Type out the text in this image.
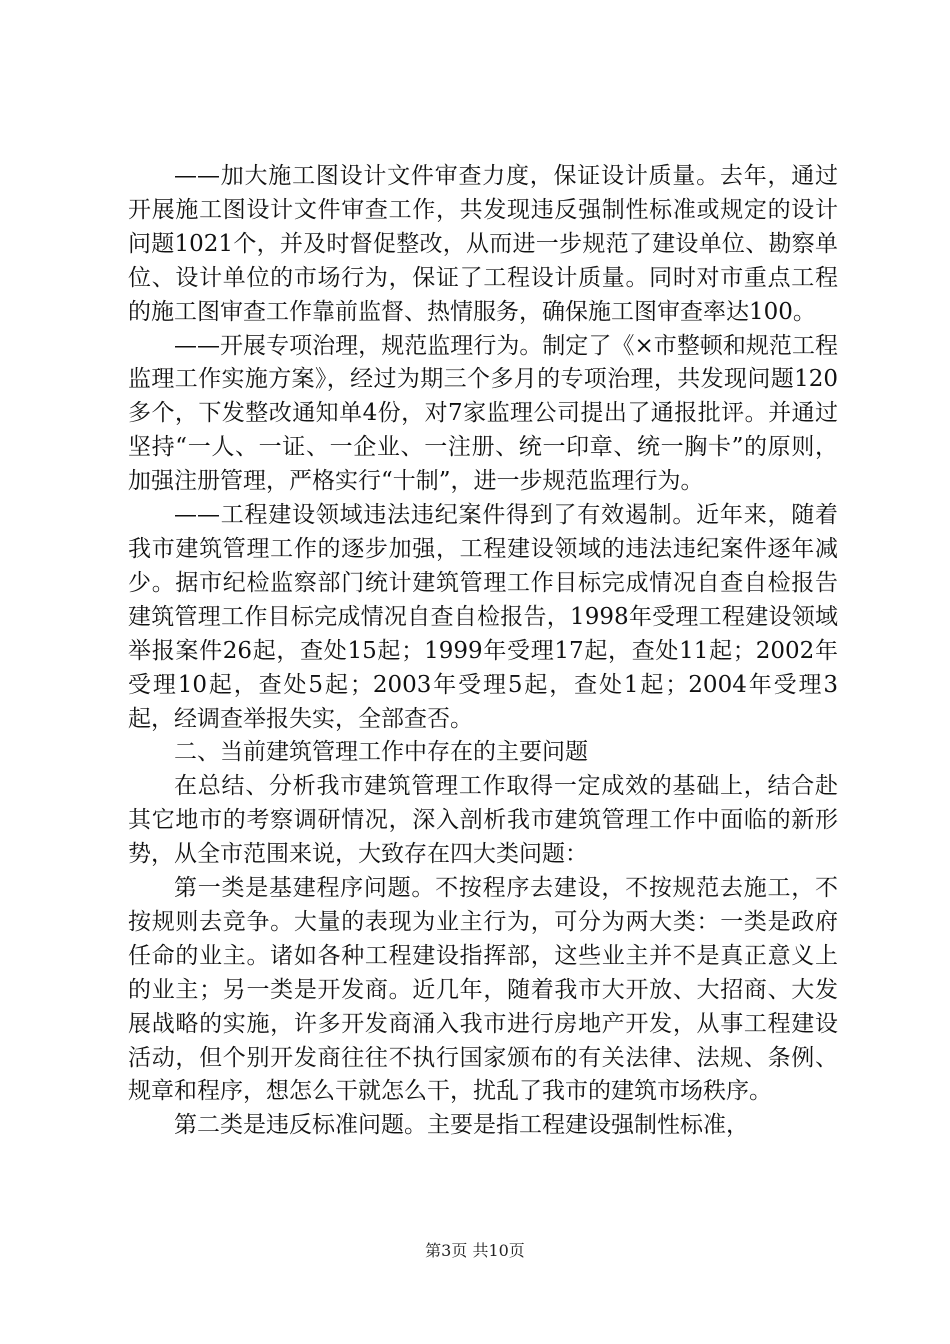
——加大施工图设计文件审查力度，保证设计质量。去年，通过开展施工图设计文件审查工作，共发现违反强制性标准或规定的设计问题1021个，并及时督促整改，从而进一步规范了建设单位、勘察单位、设计单位的市场行为，保证了工程设计质量。同时对市重点工程的施工图审查工作靠前监督、热情服务，确保施工图审查率达100。

——开展专项治理，规范监理行为。制定了《×市整顿和规范工程监理工作实施方案》，经过为期三个多月的专项治理，共发现问题120多个，下发整改通知单4份，对7家监理公司提出了通报批评。并通过坚持“一人、一证、一企业、一注册、统一印章、统一胸卡”的原则，加强注册管理，严格实行“十制”，进一步规范监理行为。

——工程建设领域违法违纪案件得到了有效遏制。近年来，随着我市建筑管理工作的逐步加强，工程建设领域的违法违纪案件逐年减少。据市纪检监察部门统计建筑管理工作目标完成情况自查自检报告建筑管理工作目标完成情况自查自检报告，1998年受理工程建设领域举报案件26起，查处15起；1999年受理17起，查处11起；2002年受理10起，查处5起；2003年受理5起，查处1起；2004年受理3起，经调查举报失实，全部查否。

二、当前建筑管理工作中存在的主要问题

在总结、分析我市建筑管理工作取得一定成效的基础上，结合赴其它地市的考察调研情况，深入剖析我市建筑管理工作中面临的新形势，从全市范围来说，大致存在四大类问题：

第一类是基建程序问题。不按程序去建设，不按规范去施工，不按规则去竞争。大量的表现为业主行为，可分为两大类：一类是政府任命的业主。诸如各种工程建设指挥部，这些业主并不是真正意义上的业主；另一类是开发商。近几年，随着我市大开放、大招商、大发展战略的实施，许多开发商涌入我市进行房地产开发，从事工程建设活动，但个别开发商往往不执行国家颁布的有关法律、法规、条例、规章和程序，想怎么干就怎么干，扰乱了我市的建筑市场秩序。

第二类是违反标准问题。主要是指工程建设强制性标准，

第3页 共10页
